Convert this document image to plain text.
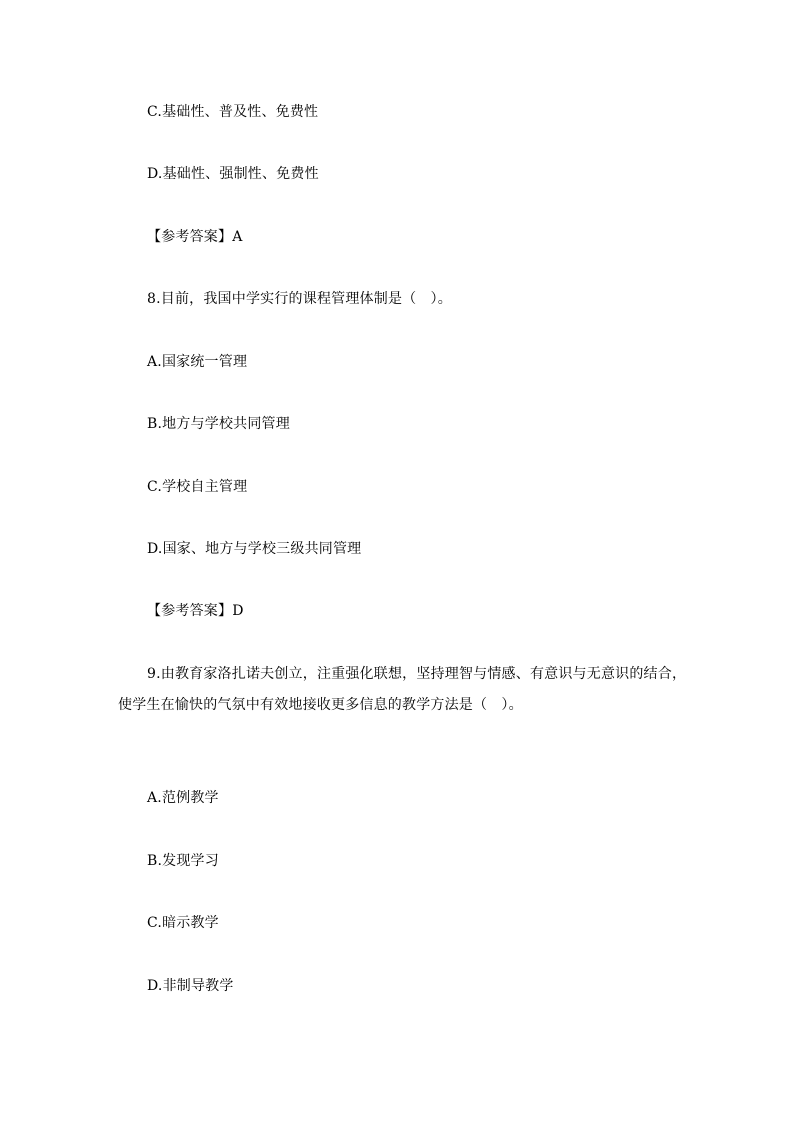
C.基础性、普及性、免费性
D.基础性、强制性、免费性
【参考答案】A
8.目前，我国中学实行的课程管理体制是（　）。
A.国家统一管理
B.地方与学校共同管理
C.学校自主管理
D.国家、地方与学校三级共同管理
【参考答案】D
9.由教育家洛扎诺夫创立，注重强化联想，坚持理智与情感、有意识与无意识的结合，
使学生在愉快的气氛中有效地接收更多信息的教学方法是（　）。
A.范例教学
B.发现学习
C.暗示教学
D.非制导教学
